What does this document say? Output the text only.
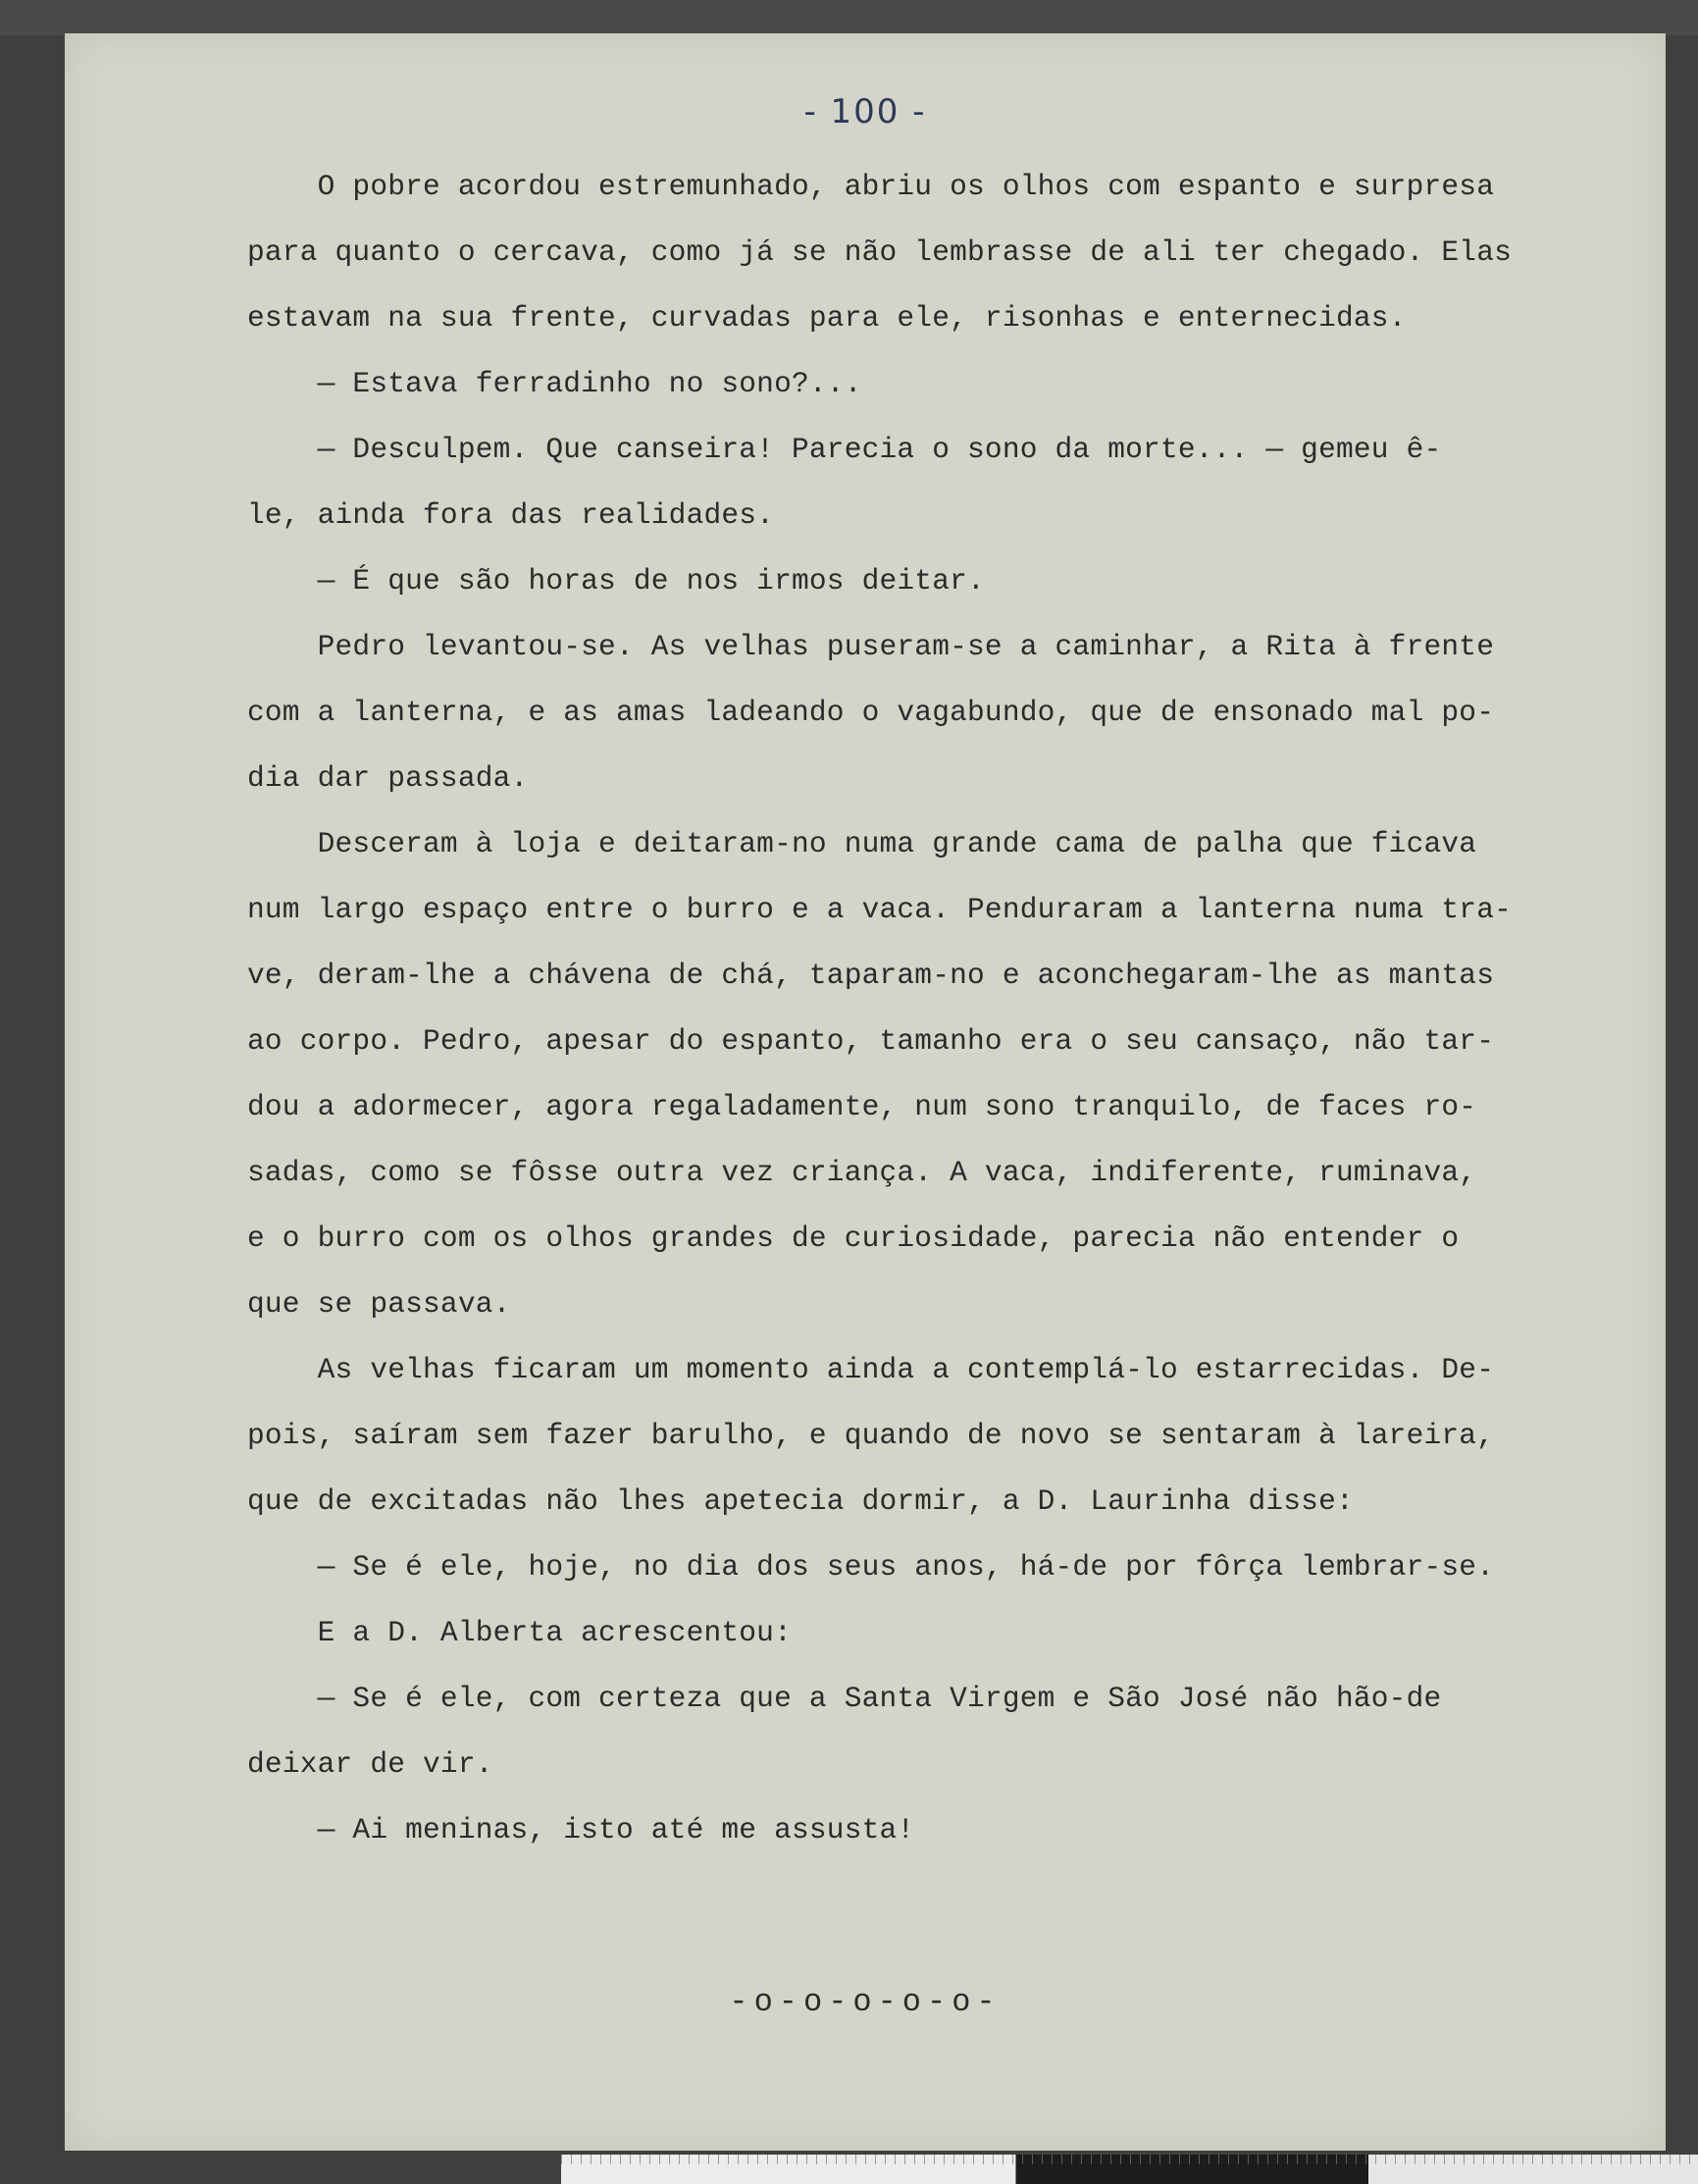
- 100 -
O pobre acordou estremunhado, abriu os olhos com espanto e surpresa
para quanto o cercava, como já se não lembrasse de ali ter chegado. Elas
estavam na sua frente, curvadas para ele, risonhas e enternecidas.
— Estava ferradinho no sono?...
— Desculpem. Que canseira! Parecia o sono da morte... — gemeu ê-
le, ainda fora das realidades.
— É que são horas de nos irmos deitar.
Pedro levantou-se. As velhas puseram-se a caminhar, a Rita à frente
com a lanterna, e as amas ladeando o vagabundo, que de ensonado mal po-
dia dar passada.
Desceram à loja e deitaram-no numa grande cama de palha que ficava
num largo espaço entre o burro e a vaca. Penduraram a lanterna numa tra-
ve, deram-lhe a chávena de chá, taparam-no e aconchegaram-lhe as mantas
ao corpo. Pedro, apesar do espanto, tamanho era o seu cansaço, não tar-
dou a adormecer, agora regaladamente, num sono tranquilo, de faces ro-
sadas, como se fôsse outra vez criança. A vaca, indiferente, ruminava,
e o burro com os olhos grandes de curiosidade, parecia não entender o
que se passava.
As velhas ficaram um momento ainda a contemplá-lo estarrecidas. De-
pois, saíram sem fazer barulho, e quando de novo se sentaram à lareira,
que de excitadas não lhes apetecia dormir, a D. Laurinha disse:
— Se é ele, hoje, no dia dos seus anos, há-de por fôrça lembrar-se.
E a D. Alberta acrescentou:
— Se é ele, com certeza que a Santa Virgem e São José não hão-de
deixar de vir.
— Ai meninas, isto até me assusta!
-o-o-o-o-o-
